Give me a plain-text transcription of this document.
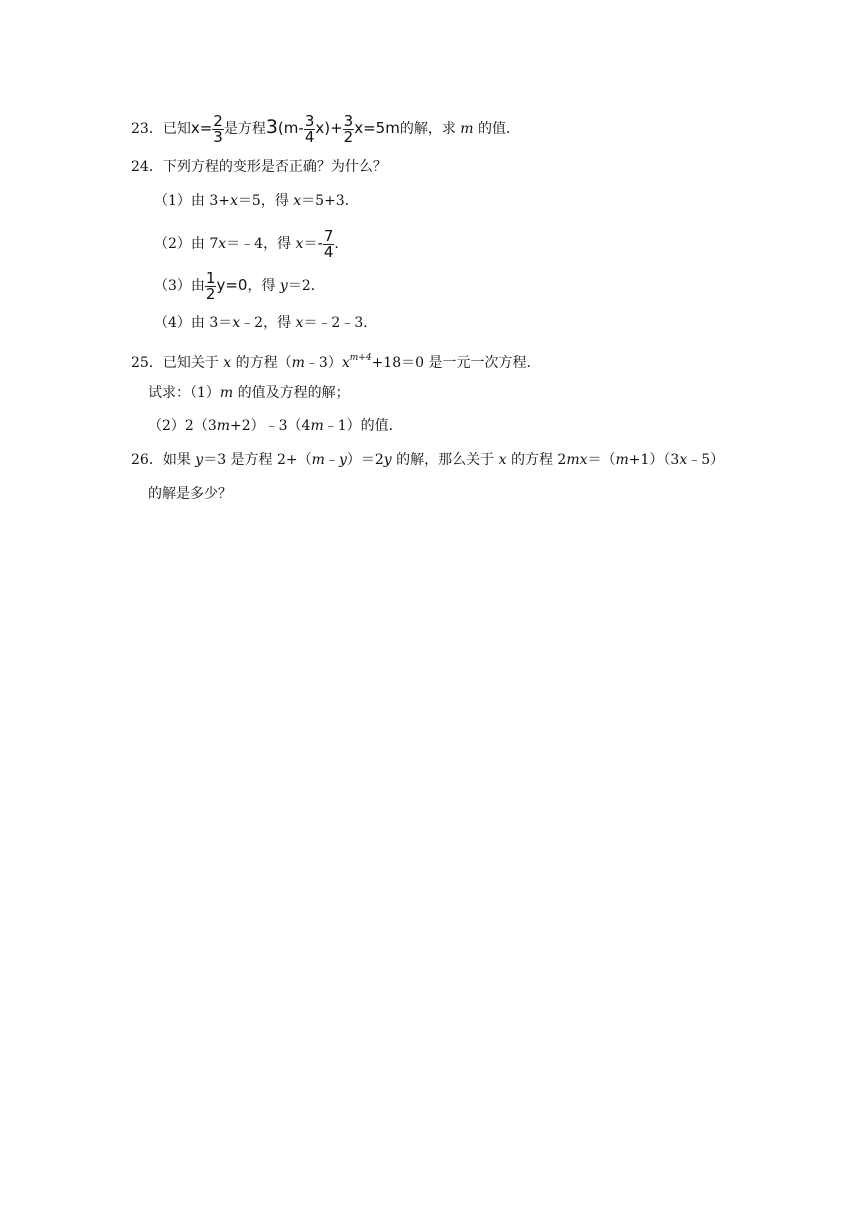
23．已知$x= \frac{2}{3}$ 是方程$3(m- \frac{3}{4} x)+ \frac{3}{2} x=5m$的解，求 m 的值．
24．下列方程的变形是否正确？为什么？
（1）由 3+x＝5，得 x＝5+3．
（2）由 7x＝﹣4，得 $x=- \frac{7}{4}$ .
（3）由 $\frac{1}{2} y=0$，得 y＝2．
（4）由 3＝x﹣2，得 x＝﹣2﹣3．
25．已知关于 x 的方程$(m﹣3)x^{m+4}+18=0$ 是一元一次方程．
试求：（1）m 的值及方程的解；
（2）2（3m+2）﹣3（4m﹣1）的值．
26．如果 y＝3 是方程 2+（m﹣y）＝2y 的解，那么关于 x 的方程 2mx＝（m+1）（3x﹣5）
的解是多少？
